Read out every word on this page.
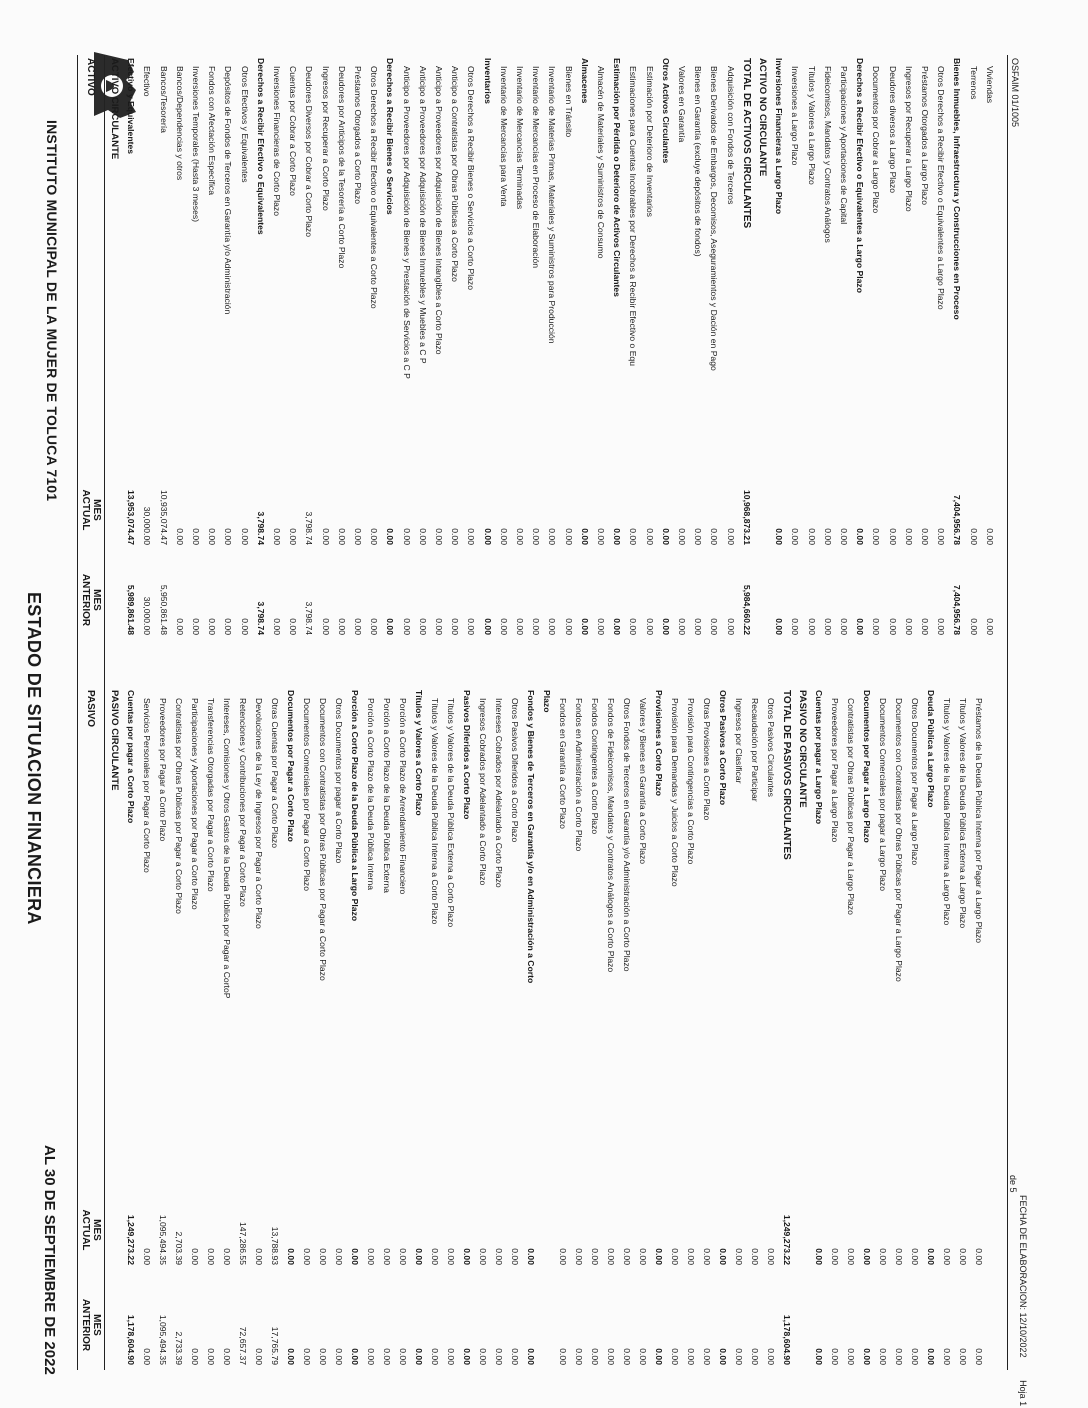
INSTITUTO MUNICIPAL DE LA MUJER DE TOLUCA 7101
ESTADO DE SITUACION FINANCIERA
AL 30 DE SEPTIEMBRE DE 2022
ACTIVO
MES
ACTUAL
MES
ANTERIOR
PASIVO
MES
ACTUAL
MES
ANTERIOR
OSFAIM 01/1005
FECHA DE ELABORACION: 12/10/2022 Hoja 1 de 5
ACTIVO CIRCULANTE Efectivo y Equivalentes
13,953,074.47
5,989,861.48
Efectivo
30,000.00
30,000.00
Bancos/Tesorería
10,935,074.47
5,950,861.48
Bancos/Dependencias y otros
0.00
0.00
Inversiones Temporales (Hasta 3 meses)
0.00
0.00
Fondos con Afectación Específica
0.00
0.00
Depósitos de Fondos de Terceros en Garantía y/o Administración
0.00
0.00
Otros Efectivos y Equivalentes
0.00
0.00
Derechos a Recibir Efectivo o Equivalentes
3,798.74
3,798.74
Inversiones Financieras de Corto Plazo
0.00
0.00
Cuentas por Cobrar a Corto Plazo
0.00
0.00
Deudores Diversos por Cobrar a Corto Plazo
3,798.74
3,798.74
Ingresos por Recuperar a Corto Plazo
0.00
0.00
Deudores por Anticipos de la Tesorería a Corto Plazo
0.00
0.00
Préstamos Otorgados a Corto Plazo
0.00
0.00
Otros Derechos a Recibir Efectivo o Equivalentes a Corto Plazo
0.00
0.00
Derechos a Recibir Bienes o Servicios
0.00
0.00
Anticipo a Proveedores por Adquisición de Bienes y Prestación de Servicios a C P
0.00
0.00
Anticipo a Proveedores por Adquisición de Bienes Inmuebles y Muebles a C P
0.00
0.00
Anticipo a Proveedores por Adquisición de Bienes Intangibles a Corto Plazo
0.00
0.00
Anticipo a Contratistas por Obras Públicas a Corto Plazo
0.00
0.00
Otros Derechos a Recibir Bienes o Servicios a Corto Plazo
0.00
0.00
Inventarios
0.00
0.00
Inventario de Mercancías para Venta
0.00
0.00
Inventario de Mercancías Terminadas
0.00
0.00
Inventario de Mercancías en Proceso de Elaboración
0.00
0.00
Inventario de Materias Primas, Materiales y Suministros para Producción
0.00
0.00
Bienes en Tránsito
0.00
0.00
Almacenes
0.00
0.00
Almacén de Materiales y Suministros de Consumo
0.00
0.00
Estimación por Pérdida o Deterioro de Activos Circulantes
0.00
0.00
Estimaciones para Cuentas Incobrables por Derechos a Recibir Efectivo o Equ
0.00
0.00
Estimación por Deterioro de Inventarios
0.00
0.00
Otros Activos Circulantes
0.00
0.00
Valores en Garantía
0.00
0.00
Bienes en Garantía (excluye depósitos de fondos)
0.00
0.00
Bienes Derivados de Embargos, Decomisos, Aseguramientos y Dación en Pago
0.00
0.00
Adquisición con Fondos de Terceros
0.00
0.00
TOTAL DE ACTIVOS CIRCULANTES
10,968,873.21
5,984,660.22
ACTIVO NO CIRCULANTE Inversiones Financieras a Largo Plazo
0.00
0.00
Inversiones a Largo Plazo
0.00
0.00
Títulos y Valores a Largo Plazo
0.00
0.00
Fideicomisos, Mandatos y Contratos Análogos
0.00
0.00
Participaciones y Aportaciones de Capital
0.00
0.00
Derechos a Recibir Efectivo o Equivalentes a Largo Plazo
0.00
0.00
Documentos por Cobrar a Largo Plazo
0.00
0.00
Deudores diversos a Largo Plazo
0.00
0.00
Ingresos por Recuperar a Largo Plazo
0.00
0.00
Préstamos Otorgados a Largo Plazo
0.00
0.00
Otros Derechos a Recibir Efectivo o Equivalentes a Largo Plazo
0.00
0.00
Bienes Inmuebles, Infraestructura y Construcciones en Proceso
7,404,956.78
7,404,956.78
Terrenos
0.00
0.00
Viviendas
0.00
0.00
PASIVO CIRCULANTE Cuentas por pagar a Corto Plazo
1,249,273.22
1,178,604.90
Servicios Personales por Pagar a Corto Plazo
0.00
0.00
Proveedores por Pagar a Corto Plazo
1,095,494.35
1,095,494.35
Contratistas por Obras Públicas por Pagar a Corto Plazo
2,703.39
2,733.39
Participaciones y Aportaciones por Pagar a Corto Plazo
0.00
0.00
Transferencias Otorgadas por Pagar a Corto Plazo
0.00
0.00
Intereses, Comisiones y Otros Gastos de la Deuda Pública por Pagar a CortoP
0.00
0.00
Retenciones y Contribuciones por Pagar a Corto Plazo
147,286.55
72,657.37
Devoluciones de la Ley de Ingresos por Pagar a Corto Plazo
0.00
0.00
Otras Cuentas por Pagar a Corto Plazo
13,788.93
17,765.79
Documentos por Pagar a Corto Plazo
0.00
0.00
Documentos Comerciales por Pagar a Corto Plazo
0.00
0.00
Documentos con Contratistas por Obras Públicas por Pagar a Corto Plazo
0.00
0.00
Otros Documentos por pagar a Corto Plazo
0.00
0.00
Porción a Corto Plazo de la Deuda Pública a Largo Plazo
0.00
0.00
Porción a Corto Plazo de la Deuda Pública Interna
0.00
0.00
Porción a Corto Plazo de la Deuda Pública Externa
0.00
0.00
Porción a Corto Plazo de Arrendamiento Financiero
0.00
0.00
Títulos y Valores a Corto Plazo
0.00
0.00
Títulos y Valores de la Deuda Pública Interna a Corto Plazo
0.00
0.00
Títulos y Valores de la Deuda Pública Externa a Corto Plazo
0.00
0.00
Pasivos Diferidos a Corto Plazo
0.00
0.00
Ingresos Cobrados por Adelantado a Corto Plazo
0.00
0.00
Intereses Cobrados por Adelantado a Corto Plazo
0.00
0.00
Otros Pasivos Diferidos a Corto Plazo
0.00
0.00
Fondos y Bienes de Terceros en Garantía y/o en Administración a Corto
0.00
0.00
Plazo Fondos en Garantía a Corto Plazo
0.00
0.00
Fondos en Administración a Corto Plazo
0.00
0.00
Fondos Contingentes a Corto Plazo
0.00
0.00
Fondos de Fideicomisos, Mandatos y Contratos Análogos a Corto Plazo
0.00
0.00
Otros Fondos de Terceros en Garantía y/o Administración a Corto Plazo
0.00
0.00
Valores y Bienes en Garantía a Corto Plazo
0.00
0.00
Provisiones a Corto Plazo
0.00
0.00
Provisión para Demandas y Juicios a Corto Plazo
0.00
0.00
Provisión para Contingencias a Corto Plazo
0.00
0.00
Otras Provisiones a Corto Plazo
0.00
0.00
Otros Pasivos a Corto Plazo
0.00
0.00
Ingresos por Clasificar
0.00
0.00
Recaudación por Participar
0.00
0.00
Otros Pasivos Circulantes
0.00
0.00
TOTAL DE PASIVOS CIRCULANTES
1,249,273.22
1,178,604.90
PASIVO NO CIRCULANTE Cuentas por pagar a Largo Plazo
0.00
0.00
Proveedores por Pagar a Largo Plazo
0.00
0.00
Contratistas por Obras Públicas por Pagar a Largo Plazo
0.00
0.00
Documentos por Pagar a Largo Plazo
0.00
0.00
Documentos Comerciales por pagar a Largo Plazo
0.00
0.00
Documentos con Contratistas por Obras Públicas por Pagar a Largo Plazo
0.00
0.00
Otros Documentos por Pagar a Largo Plazo
0.00
0.00
Deuda Pública a Largo Plazo
0.00
0.00
Títulos y Valores de la Deuda Pública Interna a Largo Plazo
0.00
0.00
Títulos y Valores de la Deuda Pública Externa a Largo Plazo
0.00
0.00
Préstamos de la Deuda Pública Interna por Pagar a Largo Plazo
0.00
0.00
